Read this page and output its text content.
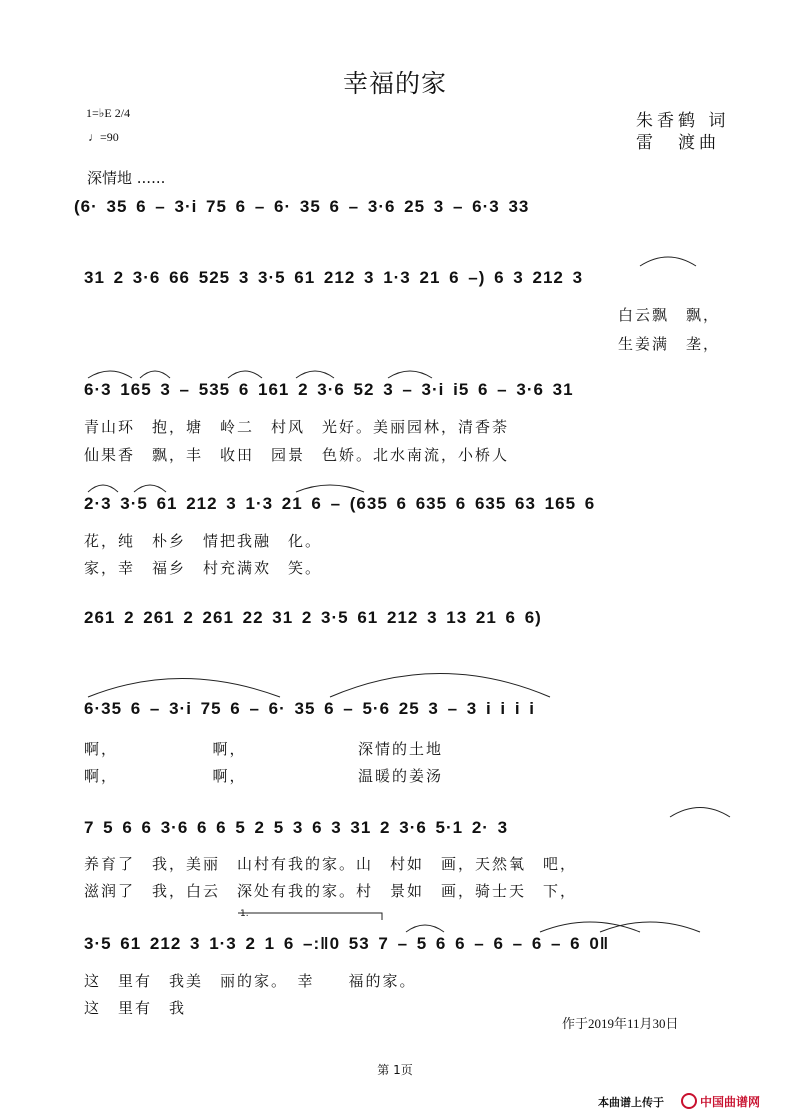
幸福的家
朱香鹤 词
雷　渡曲
1=♭E 2/4
♩=90
深情地 ......
(6· 35 6 – 3·i 75 6 – 6· 35 6 – 3·6 25 3 – 6·3 33
31 2 3·6 66 525 3 3·5 61 212 3 1·3 21 6 –) 6 3 212 3
白云飘　飘，
生姜满　垄，
6·3 165 3 – 535 6 161 2 3·6 52 3 – 3·i i5 6 – 3·6 31
青山环　抱，塘　岭二　村风　光好。美丽园林，清香荼
仙果香　飘，丰　收田　园景　色娇。北水南流，小桥人
2·3 3·5 61 212 3 1·3 21 6 – (635 6 635 6 635 63 165 6
花，纯　朴乡　情把我融　化。
家，幸　福乡　村充满欢　笑。
261 2 261 2 261 22 31 2 3·5 61 212 3 13 21 6 6)
6·35 6 – 3·i 75 6 – 6· 35 6 – 5·6 25 3 – 3 i i i i
啊，　　　　　　啊，　　　　　　　深情的土地
啊，　　　　　　啊，　　　　　　　温暖的姜汤
7 5 6 6 3·6 6 6 5 2 5 3 6 3 31 2 3·6 5·1 2· 3
养育了　我，美丽　山村有我的家。山　村如　画，天然氧　吧，
滋润了　我，白云　深处有我的家。村　景如　画，骑士天　下，
1.
3·5 61 212 3 1·3 2 1 6 –:‖0 53 7 – 5 6 6 – 6 – 6 – 6 0‖
这　里有　我美　丽的家。　幸　　福的家。
这　里有　我
作于2019年11月30日
第 1页
本曲谱上传于	中国曲谱网
